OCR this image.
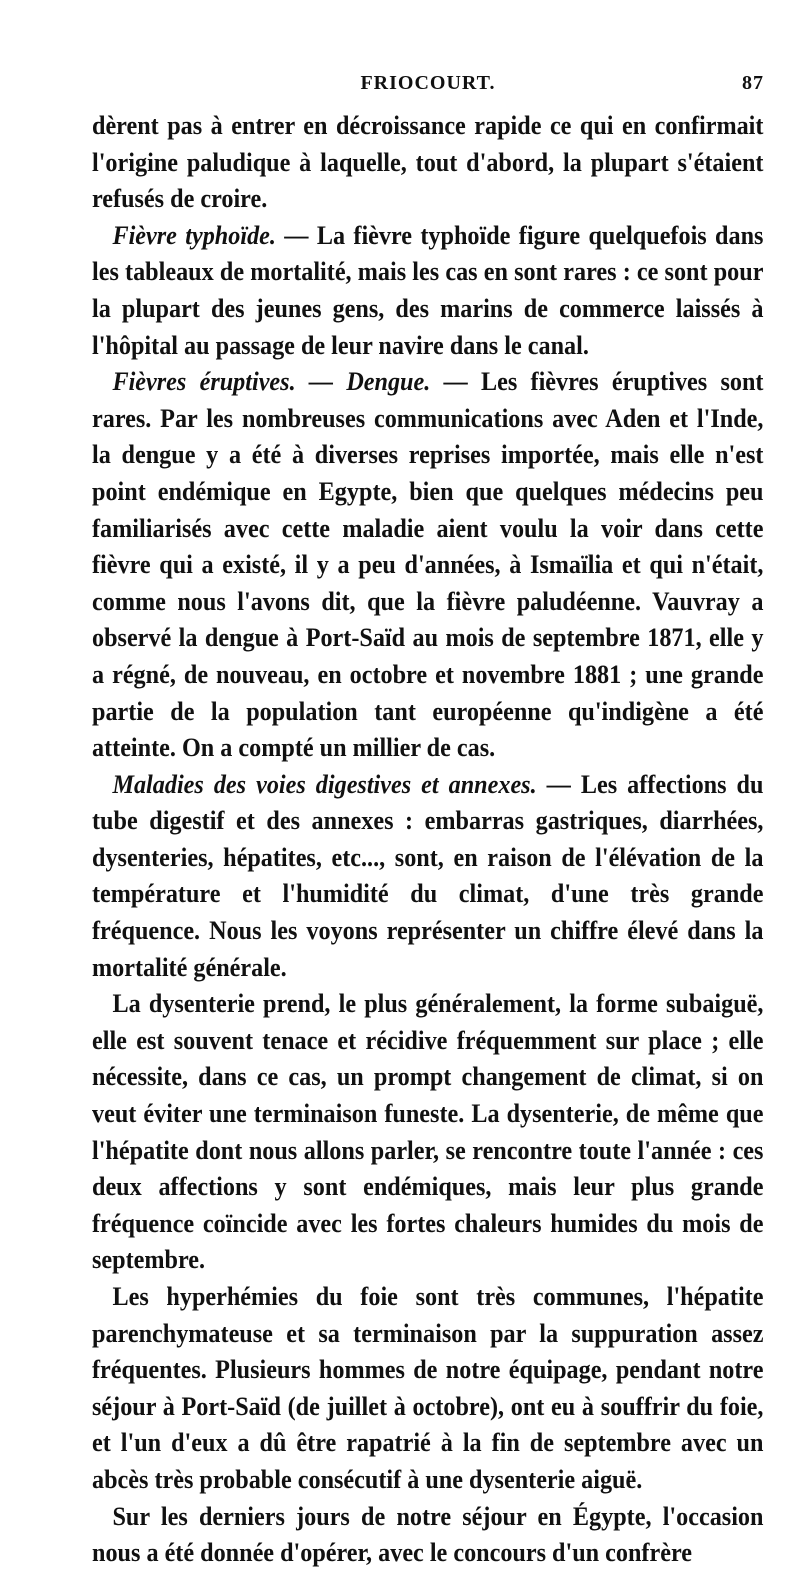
FRIOCOURT.	87

dèrent pas à entrer en décroissance rapide ce qui en confirmait l'origine paludique à laquelle, tout d'abord, la plupart s'étaient refusés de croire.

Fièvre typhoïde. — La fièvre typhoïde figure quelquefois dans les tableaux de mortalité, mais les cas en sont rares : ce sont pour la plupart des jeunes gens, des marins de commerce laissés à l'hôpital au passage de leur navire dans le canal.

Fièvres éruptives. — Dengue. — Les fièvres éruptives sont rares. Par les nombreuses communications avec Aden et l'Inde, la dengue y a été à diverses reprises importée, mais elle n'est point endémique en Egypte, bien que quelques médecins peu familiarisés avec cette maladie aient voulu la voir dans cette fièvre qui a existé, il y a peu d'années, à Ismaïlia et qui n'était, comme nous l'avons dit, que la fièvre paludéenne. Vauvray a observé la dengue à Port-Saïd au mois de septembre 1871, elle y a régné, de nouveau, en octobre et novembre 1881 ; une grande partie de la population tant européenne qu'indigène a été atteinte. On a compté un millier de cas.

Maladies des voies digestives et annexes. — Les affections du tube digestif et des annexes : embarras gastriques, diarrhées, dysenteries, hépatites, etc..., sont, en raison de l'élévation de la température et l'humidité du climat, d'une très grande fréquence. Nous les voyons représenter un chiffre élevé dans la mortalité générale.

La dysenterie prend, le plus généralement, la forme subaiguë, elle est souvent tenace et récidive fréquemment sur place ; elle nécessite, dans ce cas, un prompt changement de climat, si on veut éviter une terminaison funeste. La dysenterie, de même que l'hépatite dont nous allons parler, se rencontre toute l'année : ces deux affections y sont endémiques, mais leur plus grande fréquence coïncide avec les fortes chaleurs humides du mois de septembre.

Les hyperhémies du foie sont très communes, l'hépatite parenchymateuse et sa terminaison par la suppuration assez fréquentes. Plusieurs hommes de notre équipage, pendant notre séjour à Port-Saïd (de juillet à octobre), ont eu à souffrir du foie, et l'un d'eux a dû être rapatrié à la fin de septembre avec un abcès très probable consécutif à une dysenterie aiguë.

Sur les derniers jours de notre séjour en Égypte, l'occasion nous a été donnée d'opérer, avec le concours d'un confrère
